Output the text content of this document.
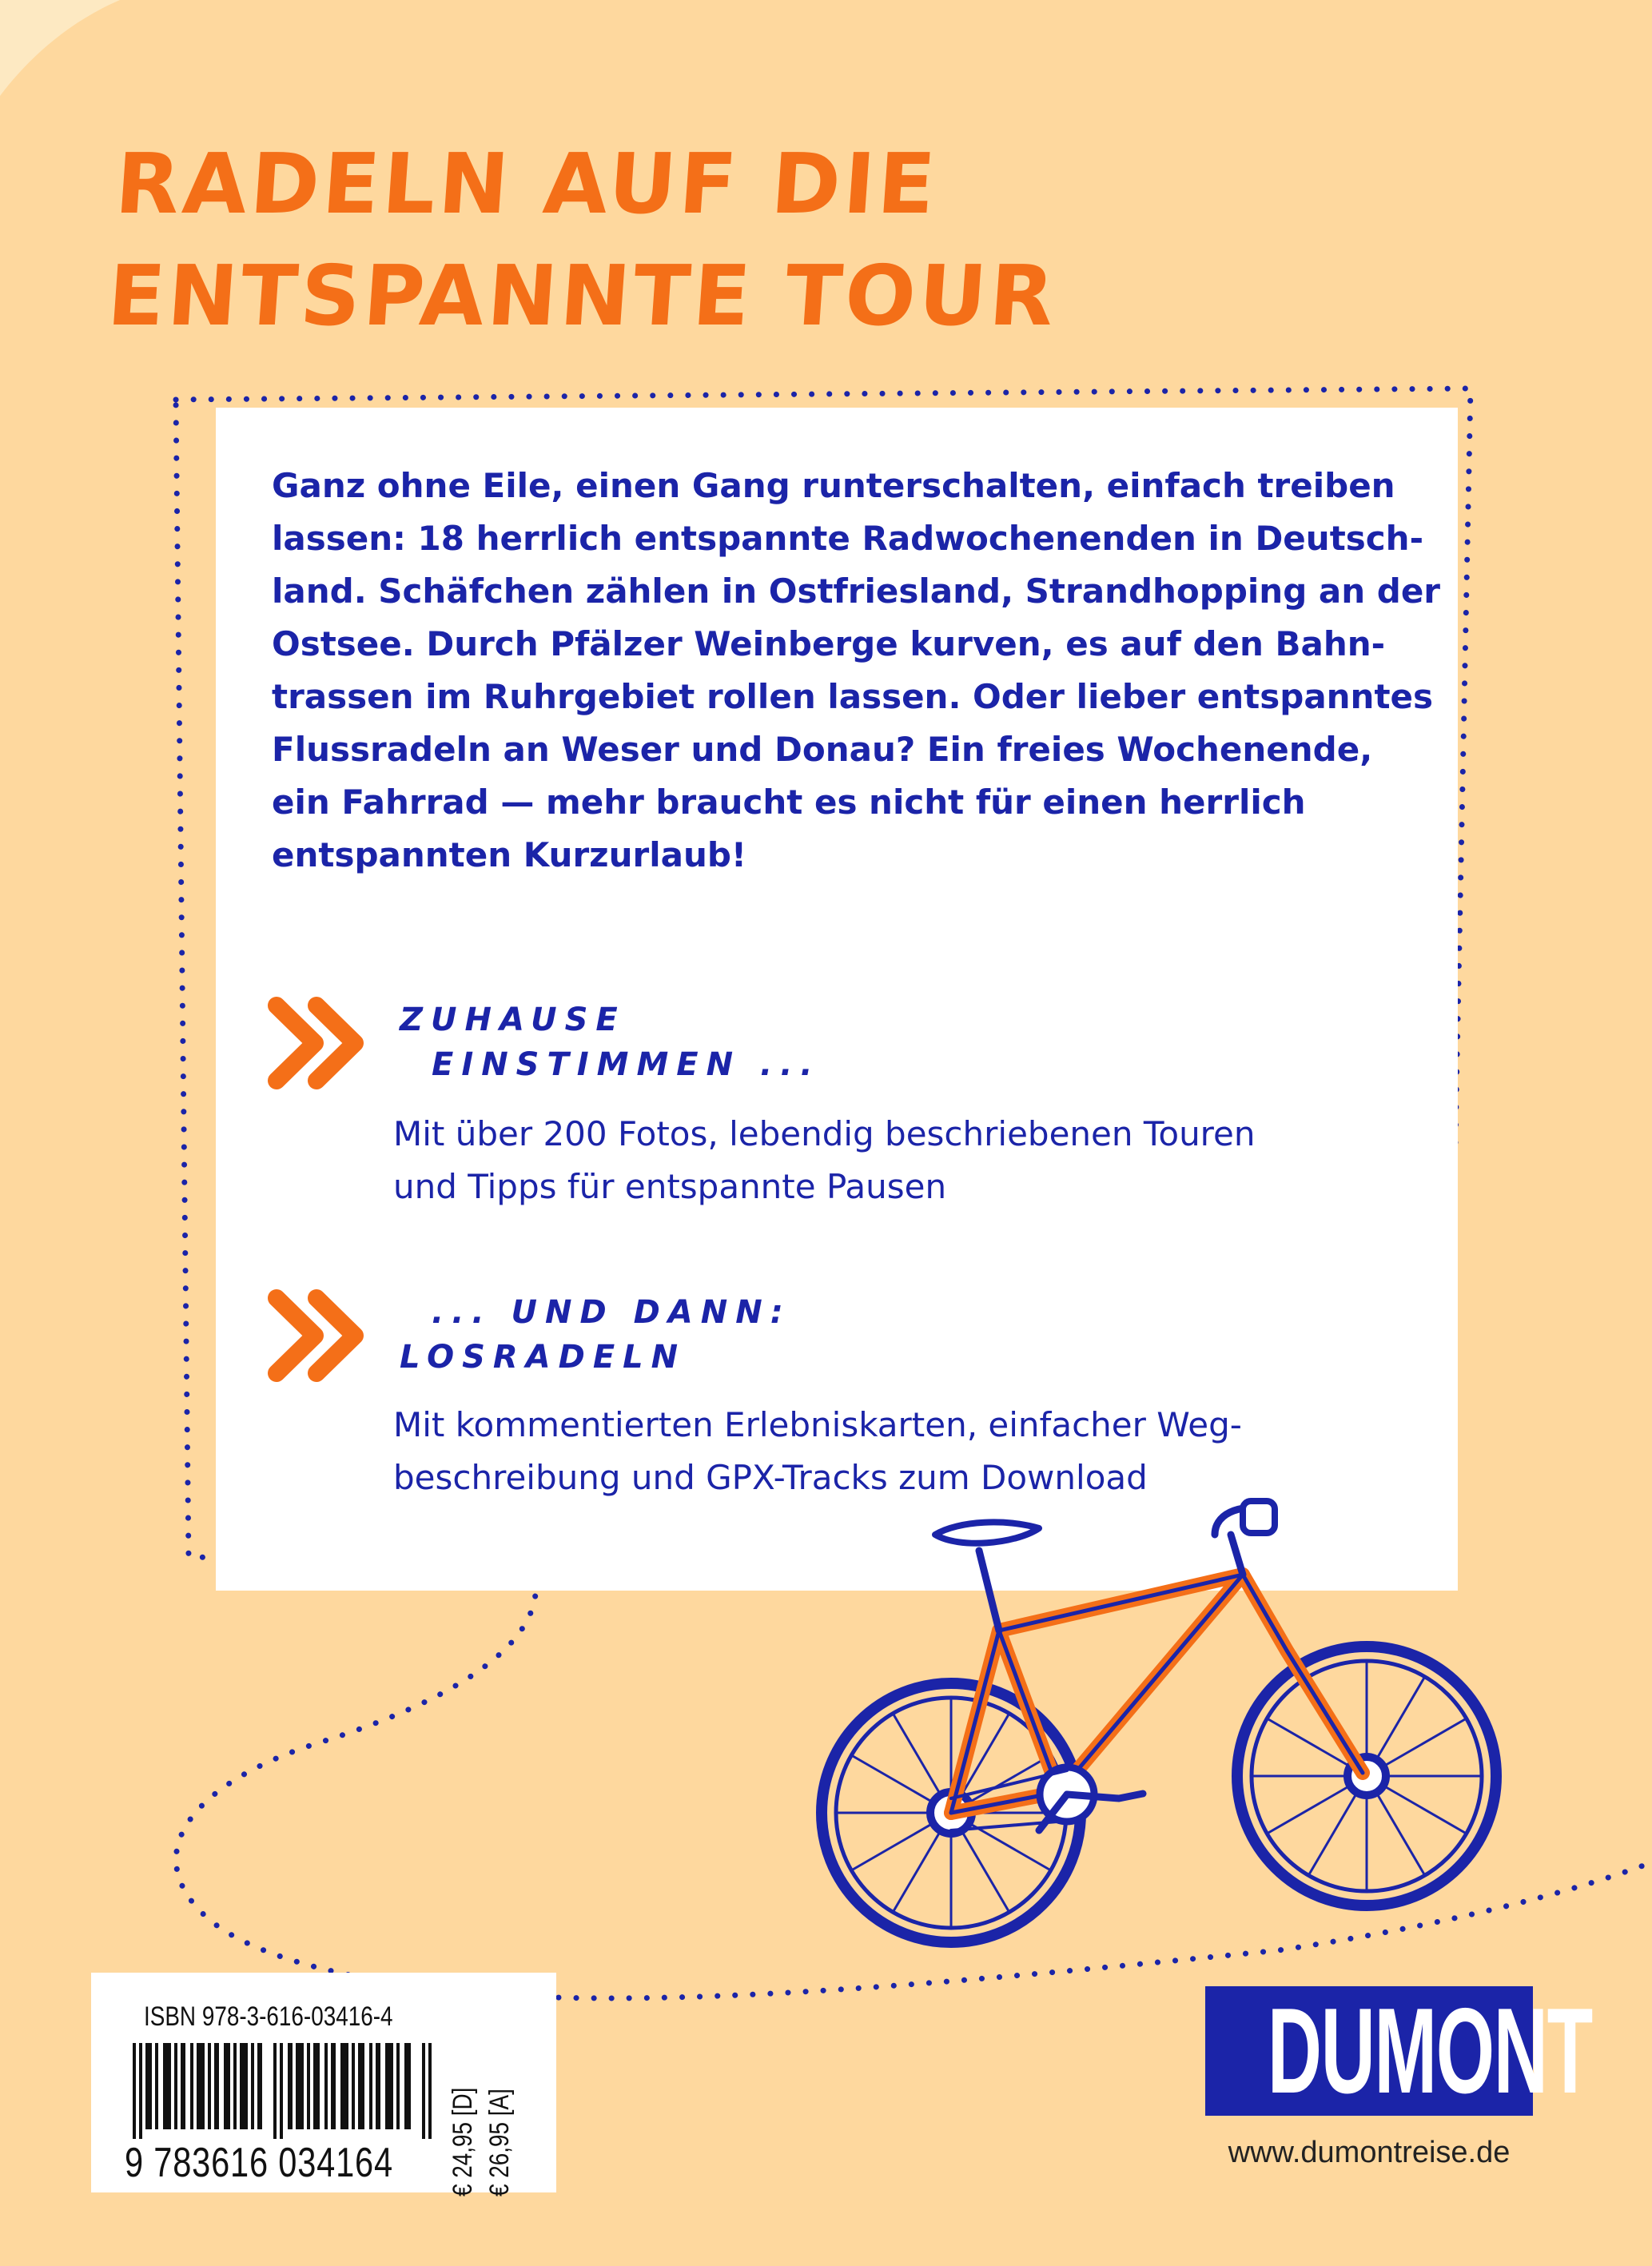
RADELN AUF DIE
ENTSPANNTE TOUR

Ganz ohne Eile, einen Gang runterschalten, einfach treiben
lassen: 18 herrlich entspannte Radwochenenden in Deutsch-
land. Schäfchen zählen in Ostfriesland, Strandhopping an der
Ostsee. Durch Pfälzer Weinberge kurven, es auf den Bahn-
trassen im Ruhrgebiet rollen lassen. Oder lieber entspanntes
Flussradeln an Weser und Donau? Ein freies Wochenende,
ein Fahrrad — mehr braucht es nicht für einen herrlich
entspannten Kurzurlaub!

ZUHAUSE
EINSTIMMEN ...

Mit über 200 Fotos, lebendig beschriebenen Touren
und Tipps für entspannte Pausen

... UND DANN:
LOSRADELN

Mit kommentierten Erlebniskarten, einfacher Weg-
beschreibung und GPX-Tracks zum Download

ISBN 978-3-616-03416-4

9 783616 034164 € 24,95 [D] € 26,95 [A]

DUMONT

www.dumontreise.de
